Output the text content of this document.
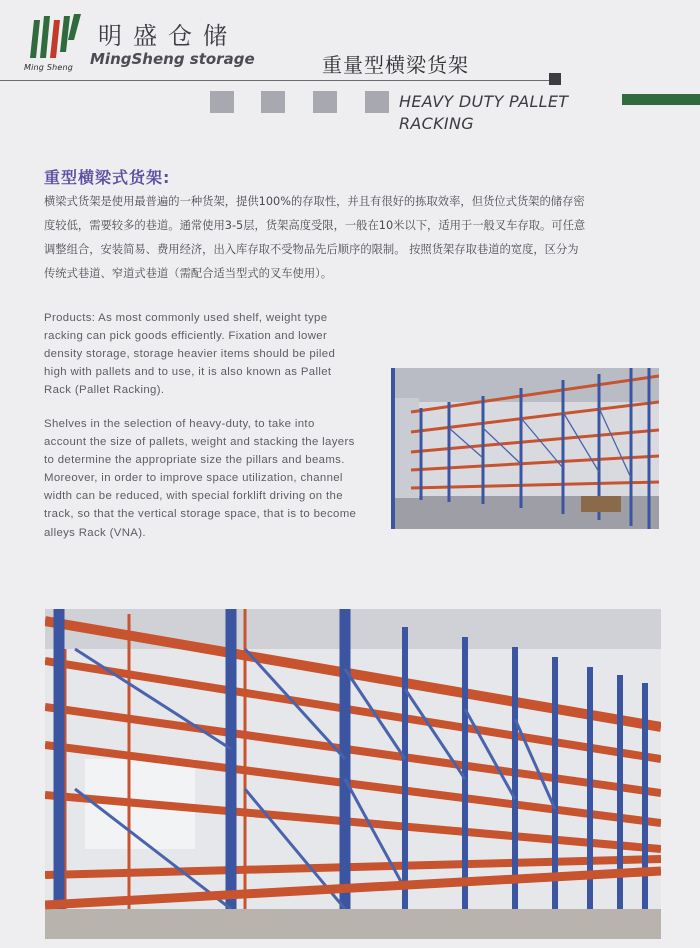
Ming Sheng
明盛仓储
MingSheng storage	重量型横梁货架
HEAVY DUTY PALLET
RACKING
重型横梁式货架:
横梁式货架是使用最普遍的一种货架，提供100%的存取性，并且有很好的拣取效率，但货位式货架的储存密
度较低，需要较多的巷道。通常使用3-5层，货架高度受限，一般在10米以下，适用于一般叉车存取。可任意
调整组合，安装简易、费用经济，出入库存取不受物品先后顺序的限制。 按照货架存取巷道的宽度，区分为
传统式巷道、窄道式巷道（需配合适当型式的叉车使用）。
Products: As most commonly used shelf, weight type
racking can pick goods efficiently. Fixation and lower
density storage, storage heavier items should be piled
high with pallets and to use, it is also known as Pallet
Rack (Pallet Racking).
Shelves in the selection of heavy-duty, to take into
account the size of pallets, weight and stacking the layers
to determine the appropriate size the pillars and beams.
Moreover, in order to improve space utilization, channel
width can be reduced, with special forklift driving on the
track, so that the vertical storage space, that is to become
alleys Rack (VNA).
